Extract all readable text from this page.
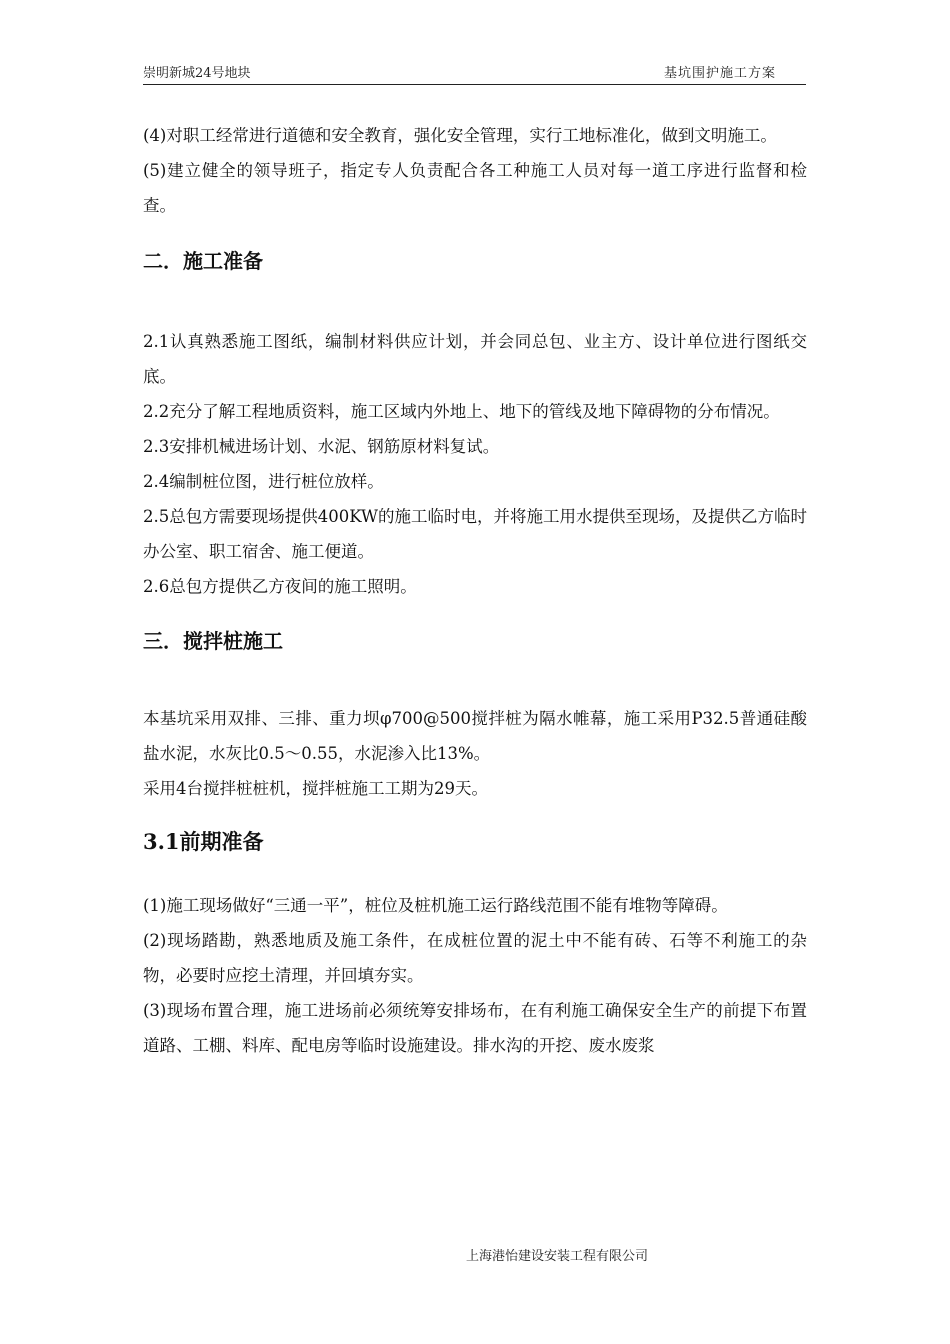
崇明新城24号地块	基坑围护施工方案

(4)对职工经常进行道德和安全教育，强化安全管理，实行工地标准化，做到文明施工。

(5)建立健全的领导班子，指定专人负责配合各工种施工人员对每一道工序进行监督和检查。

二．施工准备

2.1认真熟悉施工图纸，编制材料供应计划，并会同总包、业主方、设计单位进行图纸交底。

2.2充分了解工程地质资料，施工区域内外地上、地下的管线及地下障碍物的分布情况。

2.3安排机械进场计划、水泥、钢筋原材料复试。

2.4编制桩位图，进行桩位放样。

2.5总包方需要现场提供400KW的施工临时电，并将施工用水提供至现场，及提供乙方临时办公室、职工宿舍、施工便道。

2.6总包方提供乙方夜间的施工照明。

三．搅拌桩施工

本基坑采用双排、三排、重力坝φ700@500搅拌桩为隔水帷幕，施工采用P32.5普通硅酸盐水泥，水灰比0.5～0.55，水泥渗入比13%。

采用4台搅拌桩桩机，搅拌桩施工工期为29天。

3.1前期准备

(1)施工现场做好“三通一平”，桩位及桩机施工运行路线范围不能有堆物等障碍。

(2)现场踏勘，熟悉地质及施工条件，在成桩位置的泥土中不能有砖、石等不利施工的杂物，必要时应挖土清理，并回填夯实。

(3)现场布置合理，施工进场前必须统筹安排场布，在有利施工确保安全生产的前提下布置道路、工棚、料库、配电房等临时设施建设。排水沟的开挖、废水废浆

上海港怡建设安装工程有限公司
